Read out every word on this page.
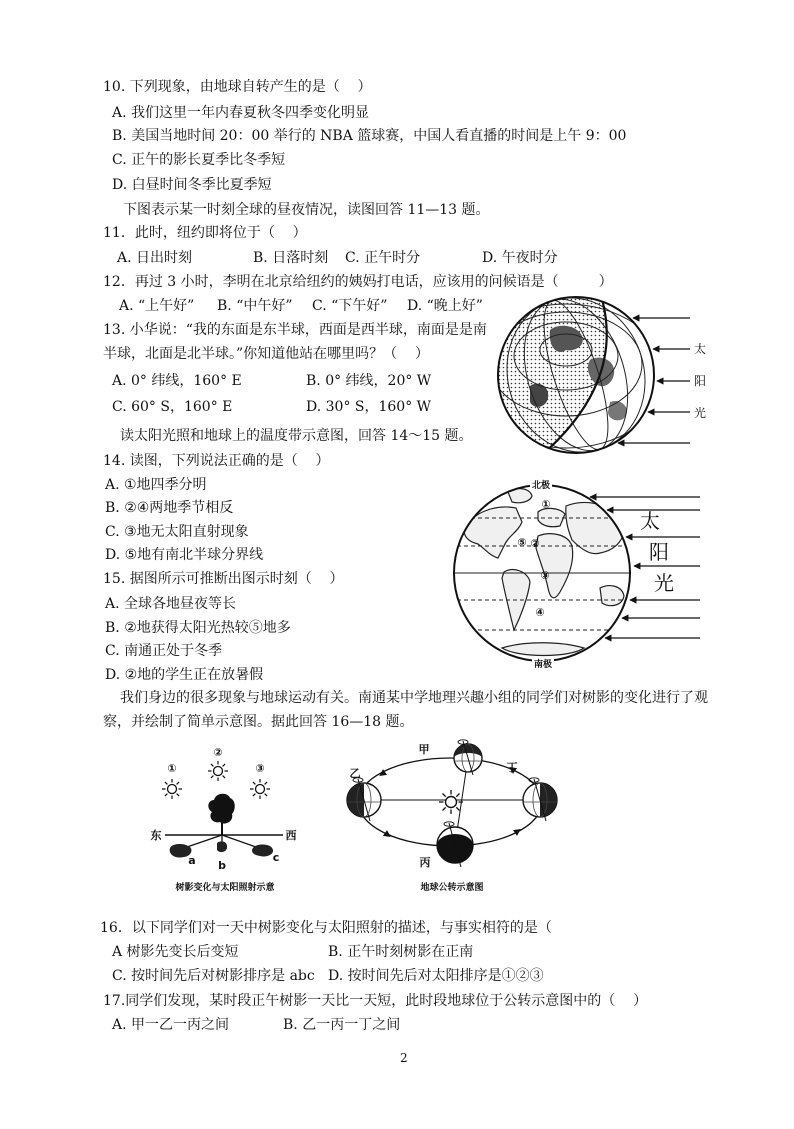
10. 下列现象，由地球自转产生的是（    ）
A. 我们这里一年内春夏秋冬四季变化明显
B. 美国当地时间 20：00 举行的 NBA 篮球赛，中国人看直播的时间是上午 9：00
C. 正午的影长夏季比冬季短
D. 白昼时间冬季比夏季短
下图表示某一时刻全球的昼夜情况，读图回答 11—13 题。
11．此时，纽约即将位于（    ）
A. 日出时刻	B. 日落时刻 C. 正午时分	D. 午夜时分
12．再过 3 小时，李明在北京给纽约的姨妈打电话，应该用的问候语是（         ）
A. “上午好” B. “中午好” C. “下午好” D. “晚上好”
13. 小华说：“我的东面是东半球，西面是西半球，南面是是南
半球，北面是北半球。”你知道他站在哪里吗？（    ）
A. 0° 纬线，160° E	B. 0° 纬线，20° W
C. 60° S，160° E	D. 30° S，160° W
太
阳
光
读太阳光照和地球上的温度带示意图，回答 14～15 题。
14. 读图，下列说法正确的是（    ）
A. ①地四季分明
B. ②④两地季节相反
C. ③地无太阳直射现象
D. ⑤地有南北半球分界线
15. 据图所示可推断出图示时刻（    ）
A. 全球各地昼夜等长
B. ②地获得太阳光热较⑤地多
C. 南通正处于冬季
D. ②地的学生正在放暑假
太
阳
光
北极
南极
①
⑤ ②
③
④
我们身边的很多现象与地球运动有关。南通某中学地理兴趣小组的同学们对树影的变化进行了观
察，并绘制了简单示意图。据此回答 16—18 题。
①
②
③
东	西
a b
c
树影变化与太阳照射示意
甲
乙
丙
丁
地球公转示意图
16．以下同学们对一天中树影变化与太阳照射的描述，与事实相符的是（
A 树影先变长后变短	B. 正午时刻树影在正南
C. 按时间先后对树影排序是 abc D. 按时间先后对太阳排序是①②③
17.同学们发现，某时段正午树影一天比一天短，此时段地球位于公转示意图中的（    ）
A. 甲一乙一丙之间	B. 乙一丙一丁之间
2
